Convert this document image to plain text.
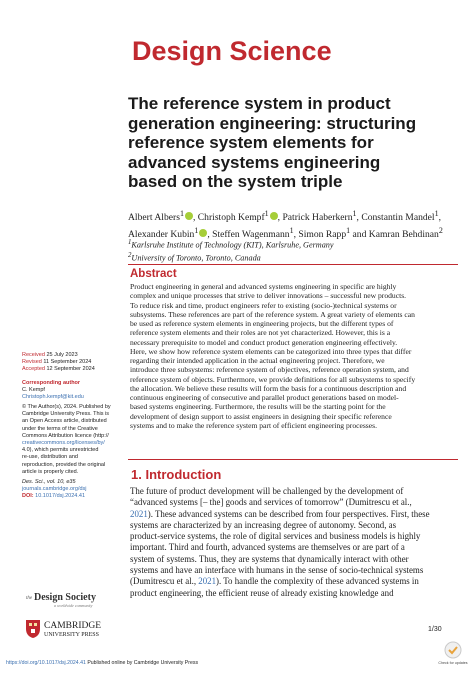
Design Science
The reference system in product
generation engineering: structuring
reference system elements for
advanced systems engineering
based on the system triple
Albert Albers$^1$ , Christoph Kempf$^1$ , Patrick Haberkern$^1$, Constantin Mandel$^1$,
Alexander Kubin$^1$ , Steffen Wagenmann$^1$, Simon Rapp$^1$ and Kamran Behdinan$^2$
$^1$Karlsruhe Institute of Technology (KIT), Karlsruhe, Germany
$^2$University of Toronto, Toronto, Canada
Abstract
Product engineering in general and advanced systems engineering in specific are highly
complex and unique processes that strive to deliver innovations – successful new products.
To reduce risk and time, product engineers refer to existing (socio-)technical systems or
subsystems. These references are part of the reference system. A great variety of elements can
be used as reference system elements in engineering projects, but the different types of
reference system elements and their roles are not yet characterized. However, this is a
necessary prerequisite to model and conduct product generation engineering effectively.
Here, we show how reference system elements can be categorized into three types that differ
regarding their intended application in the actual engineering project. Therefore, we
introduce three subsystems: reference system of objectives, reference operation system, and
reference system of objects. Furthermore, we provide definitions for all subsystems to specify
the allocation. We believe these results will form the basis for a continuous description and
continuous engineering of consecutive and parallel product generations based on model-
based systems engineering. Furthermore, the results will be the starting point for the
development of design support to assist engineers in designing their specific reference
systems and to make the reference system part of efficient engineering processes.
Received 25 July 2023
Revised 11 September 2024
Accepted 12 September 2024
Corresponding author
C. Kempf
Christoph.kempf@kit.edu
© The Author(s), 2024. Published by
Cambridge University Press. This is
an Open Access article, distributed
under the terms of the Creative
Commons Attribution licence (http://
creativecommons.org/licenses/by/
4.0), which permits unrestricted
re-use, distribution and
reproduction, provided the original
article is properly cited.
Des. Sci., vol. 10, e35
journals.cambridge.org/dsj
DOI: 10.1017/dsj.2024.41
the Design Society
a worldwide community
CAMBRIDGE
UNIVERSITY PRESS
1. Introduction
The future of product development will be challenged by the development of
“advanced systems [– the] goods and services of tomorrow” (Dumitrescu et al.,
2021). These advanced systems can be described from four perspectives. First, these
systems are characterized by an increasing degree of autonomy. Second, as
product-service systems, the role of digital services and business models is highly
important. Third and fourth, advanced systems are themselves or are part of a
system of systems. Thus, they are systems that dynamically interact with other
systems and have an interface with humans in the sense of socio-technical systems
(Dumitrescu et al., 2021). To handle the complexity of these advanced systems in
product engineering, the efficient reuse of already existing knowledge and
1/30
https://doi.org/10.1017/dsj.2024.41 Published online by Cambridge University Press	Check for updates
